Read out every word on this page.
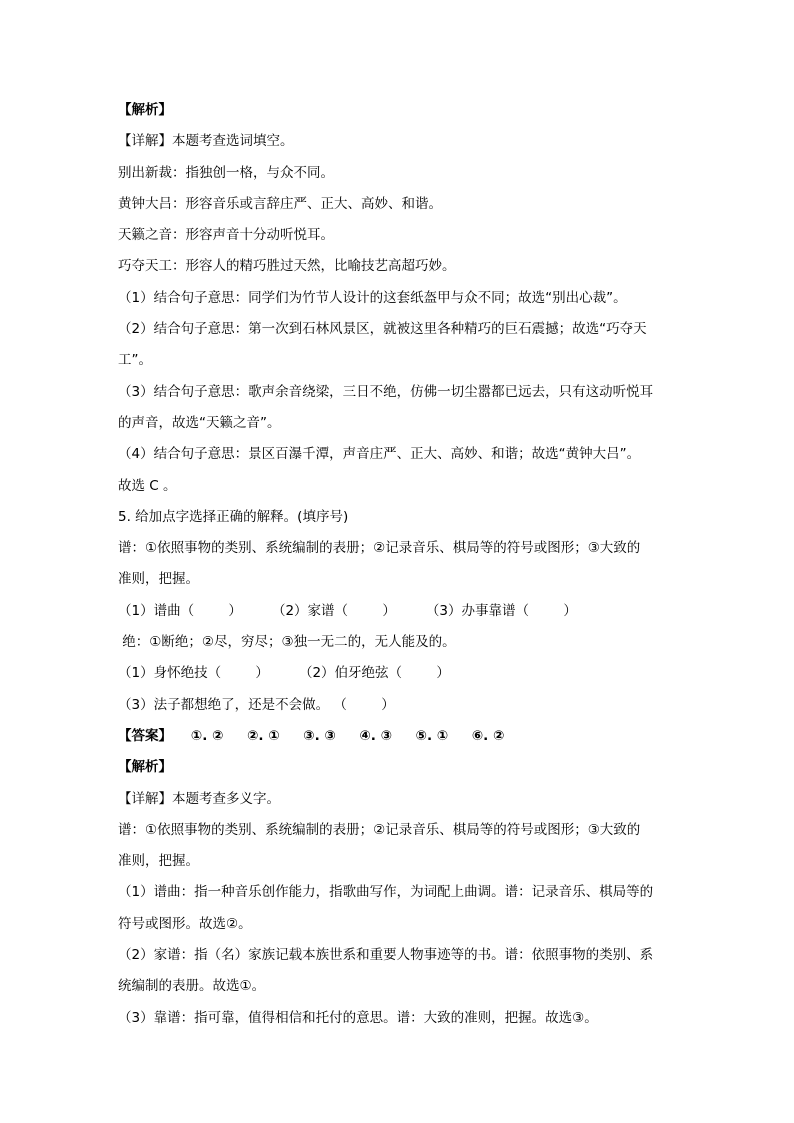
【解析】
【详解】本题考查选词填空。
别出新裁：指独创一格，与众不同。
黄钟大吕：形容音乐或言辞庄严、正大、高妙、和谐。
天籁之音：形容声音十分动听悦耳。
巧夺天工：形容人的精巧胜过天然，比喻技艺高超巧妙。
（1）结合句子意思：同学们为竹节人设计的这套纸盔甲与众不同；故选“别出心裁”。
（2）结合句子意思：第一次到石林风景区，就被这里各种精巧的巨石震撼；故选“巧夺天
工”。
（3）结合句子意思：歌声余音绕梁，三日不绝，仿佛一切尘嚣都已远去，只有这动听悦耳
的声音，故选“天籁之音”。
（4）结合句子意思：景区百瀑千潭，声音庄严、正大、高妙、和谐；故选“黄钟大吕”。
故选 C 。
5. 给加点字选择正确的解释。(填序号)
谱：①依照事物的类别、系统编制的表册；②记录音乐、棋局等的符号或图形；③大致的
准则，把握。
（1）谱曲（        ）       （2）家谱（        ）       （3）办事靠谱（        ）
绝：①断绝；②尽，穷尽；③独一无二的，无人能及的。
（1）身怀绝技（        ）       （2）伯牙绝弦（        ）
（3）法子都想绝了，还是不会做。 （        ）
【答案】    ①. ②     ②. ①     ③. ③     ④. ③     ⑤. ①     ⑥. ②
【解析】
【详解】本题考查多义字。
谱：①依照事物的类别、系统编制的表册；②记录音乐、棋局等的符号或图形；③大致的
准则，把握。
（1）谱曲：指一种音乐创作能力，指歌曲写作，为词配上曲调。谱：记录音乐、棋局等的
符号或图形。故选②。
（2）家谱：指（名）家族记载本族世系和重要人物事迹等的书。谱：依照事物的类别、系
统编制的表册。故选①。
（3）靠谱：指可靠，值得相信和托付的意思。谱：大致的准则，把握。故选③。
